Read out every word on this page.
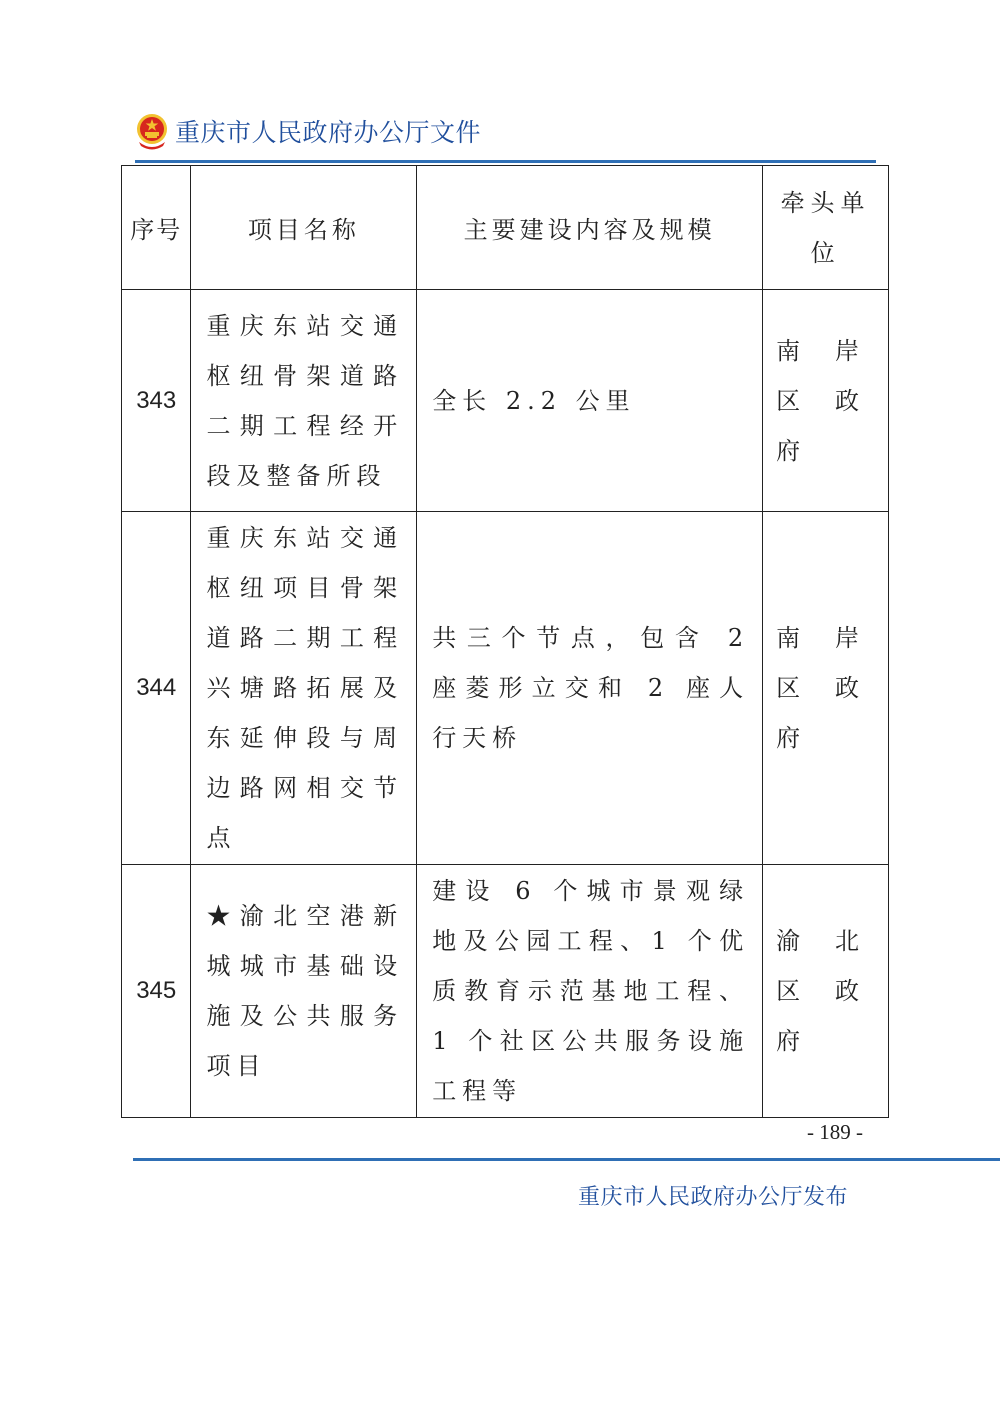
重庆市人民政府办公厅文件
序号	项目名称	主要建设内容及规模	牵头单位

343	重庆东站交通枢纽骨架道路二期工程经开段及整备所段	全长 2.2 公里	南岸区政府

344	重庆东站交通枢纽项目骨架道路二期工程兴塘路拓展及东延伸段与周边路网相交节点	共三个节点，包含 2 座菱形立交和 2 座人行天桥	南岸区政府

345	★渝北空港新城城市基础设施及公共服务项目	建设 6 个城市景观绿地及公园工程、1 个优质教育示范基地工程、1 个社区公共服务设施工程等	渝北区政府
- 189 -
重庆市人民政府办公厅发布
